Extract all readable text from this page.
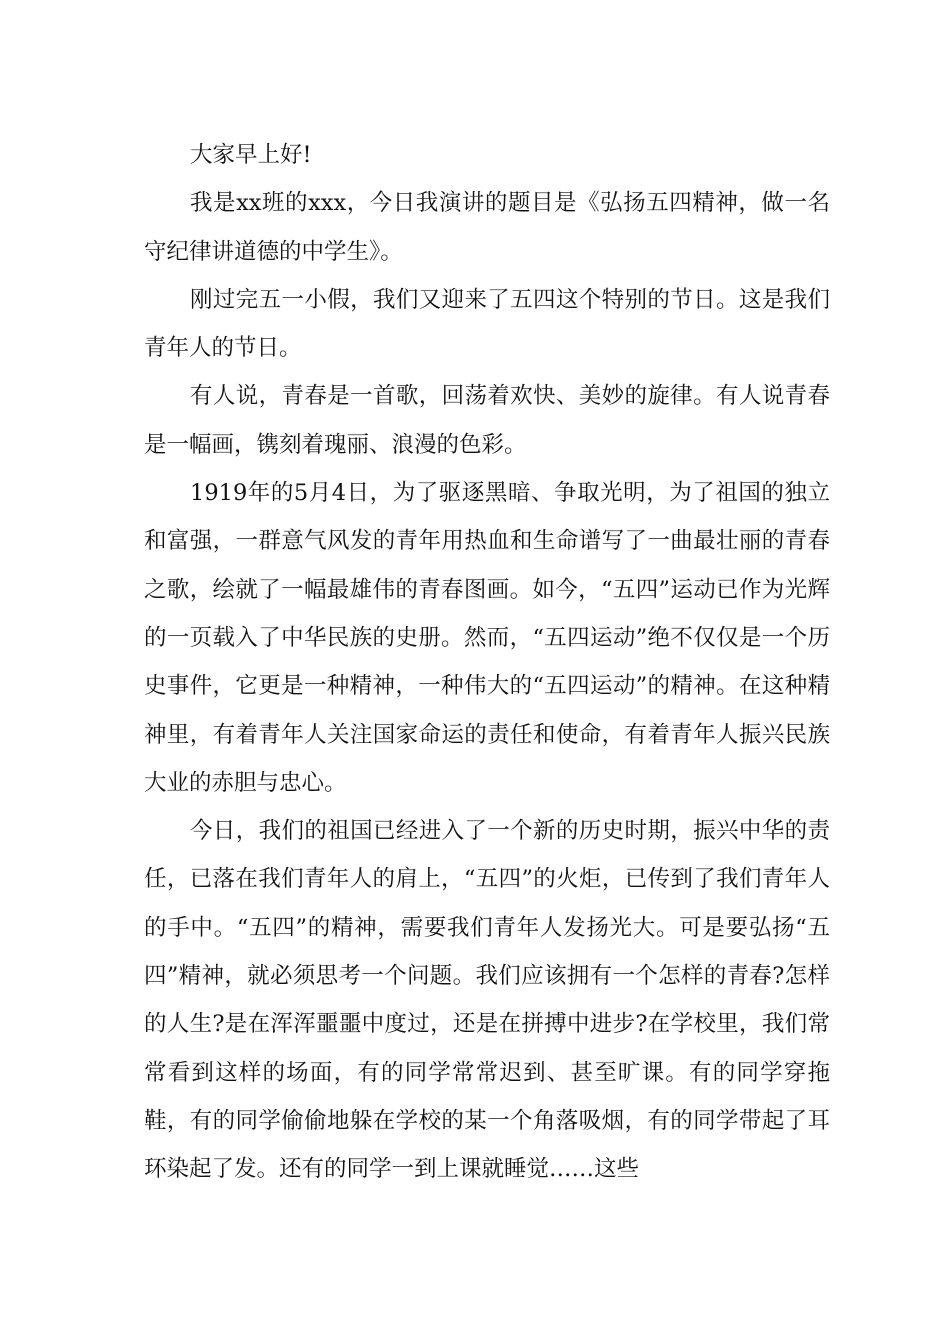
大家早上好!

我是xx班的xxx，今日我演讲的题目是《弘扬五四精神，做一名守纪律讲道德的中学生》。

刚过完五一小假，我们又迎来了五四这个特别的节日。这是我们青年人的节日。

有人说，青春是一首歌，回荡着欢快、美妙的旋律。有人说青春是一幅画，镌刻着瑰丽、浪漫的色彩。

1919年的5月4日，为了驱逐黑暗、争取光明，为了祖国的独立和富强，一群意气风发的青年用热血和生命谱写了一曲最壮丽的青春之歌，绘就了一幅最雄伟的青春图画。如今，“五四”运动已作为光辉的一页载入了中华民族的史册。然而，“五四运动”绝不仅仅是一个历史事件，它更是一种精神，一种伟大的“五四运动”的精神。在这种精神里，有着青年人关注国家命运的责任和使命，有着青年人振兴民族大业的赤胆与忠心。

今日，我们的祖国已经进入了一个新的历史时期，振兴中华的责任，已落在我们青年人的肩上，“五四”的火炬，已传到了我们青年人的手中。“五四”的精神，需要我们青年人发扬光大。可是要弘扬“五四”精神，就必须思考一个问题。我们应该拥有一个怎样的青春?怎样的人生?是在浑浑噩噩中度过，还是在拼搏中进步?在学校里，我们常常看到这样的场面，有的同学常常迟到、甚至旷课。有的同学穿拖鞋，有的同学偷偷地躲在学校的某一个角落吸烟，有的同学带起了耳环染起了发。还有的同学一到上课就睡觉……这些
